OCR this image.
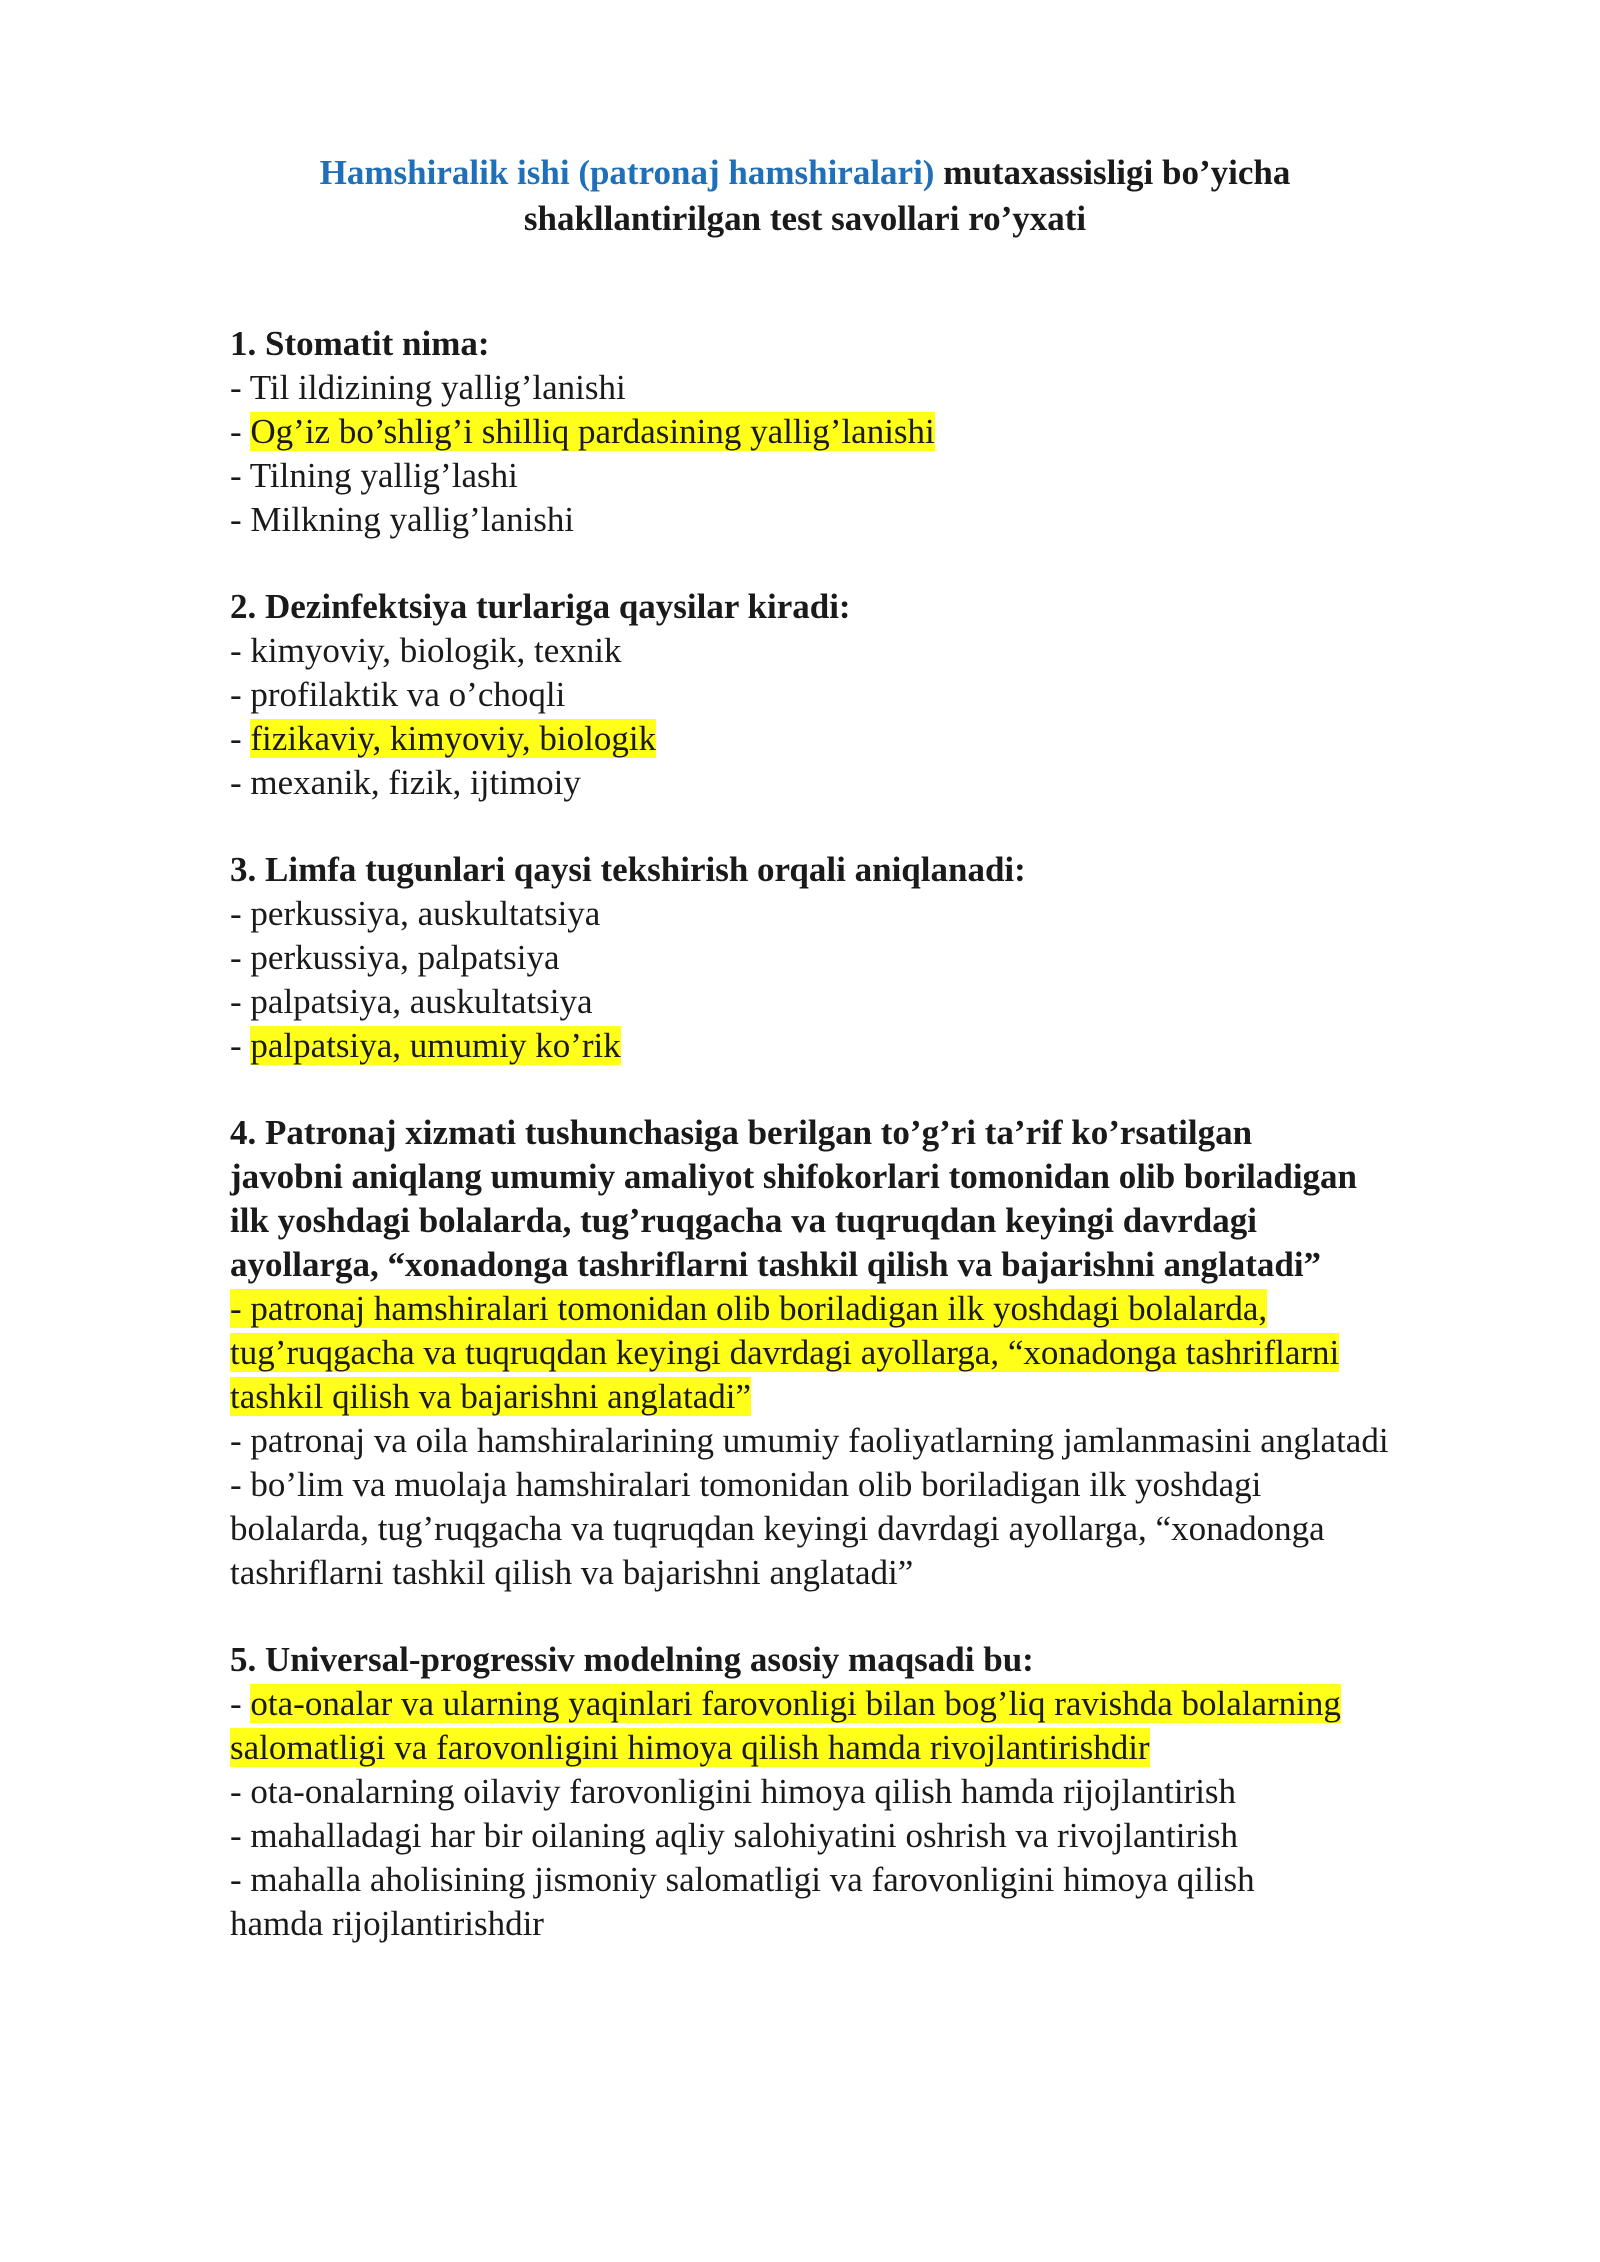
Hamshiralik ishi (patronaj hamshiralari) mutaxassisligi bo’yicha
shakllantirilgan test savollari ro’yxati
1. Stomatit nima:
- Til ildizining yallig’lanishi
- Og’iz bo’shlig’i shilliq pardasining yallig’lanishi
- Tilning yallig’lashi
- Milkning yallig’lanishi
2. Dezinfektsiya turlariga qaysilar kiradi:
- kimyoviy, biologik, texnik
- profilaktik va o’choqli
- fizikaviy, kimyoviy, biologik
- mexanik, fizik, ijtimoiy
3. Limfa tugunlari qaysi tekshirish orqali aniqlanadi:
- perkussiya, auskultatsiya
- perkussiya, palpatsiya
- palpatsiya, auskultatsiya
- palpatsiya, umumiy ko’rik
4. Patronaj xizmati tushunchasiga berilgan to’g’ri ta’rif ko’rsatilgan
javobni aniqlang umumiy amaliyot shifokorlari tomonidan olib boriladigan
ilk yoshdagi bolalarda, tug’ruqgacha va tuqruqdan keyingi davrdagi
ayollarga, “xonadonga tashriflarni tashkil qilish va bajarishni anglatadi”
- patronaj hamshiralari tomonidan olib boriladigan ilk yoshdagi bolalarda,
tug’ruqgacha va tuqruqdan keyingi davrdagi ayollarga, “xonadonga tashriflarni
tashkil qilish va bajarishni anglatadi”
- patronaj va oila hamshiralarining umumiy faoliyatlarning jamlanmasini anglatadi
- bo’lim va muolaja hamshiralari tomonidan olib boriladigan ilk yoshdagi
bolalarda, tug’ruqgacha va tuqruqdan keyingi davrdagi ayollarga, “xonadonga
tashriflarni tashkil qilish va bajarishni anglatadi”
5. Universal-progressiv modelning asosiy maqsadi bu:
- ota-onalar va ularning yaqinlari farovonligi bilan bog’liq ravishda bolalarning
salomatligi va farovonligini himoya qilish hamda rivojlantirishdir
- ota-onalarning oilaviy farovonligini himoya qilish hamda rijojlantirish
- mahalladagi har bir oilaning aqliy salohiyatini oshrish va rivojlantirish
- mahalla aholisining jismoniy salomatligi va farovonligini himoya qilish
hamda rijojlantirishdir
